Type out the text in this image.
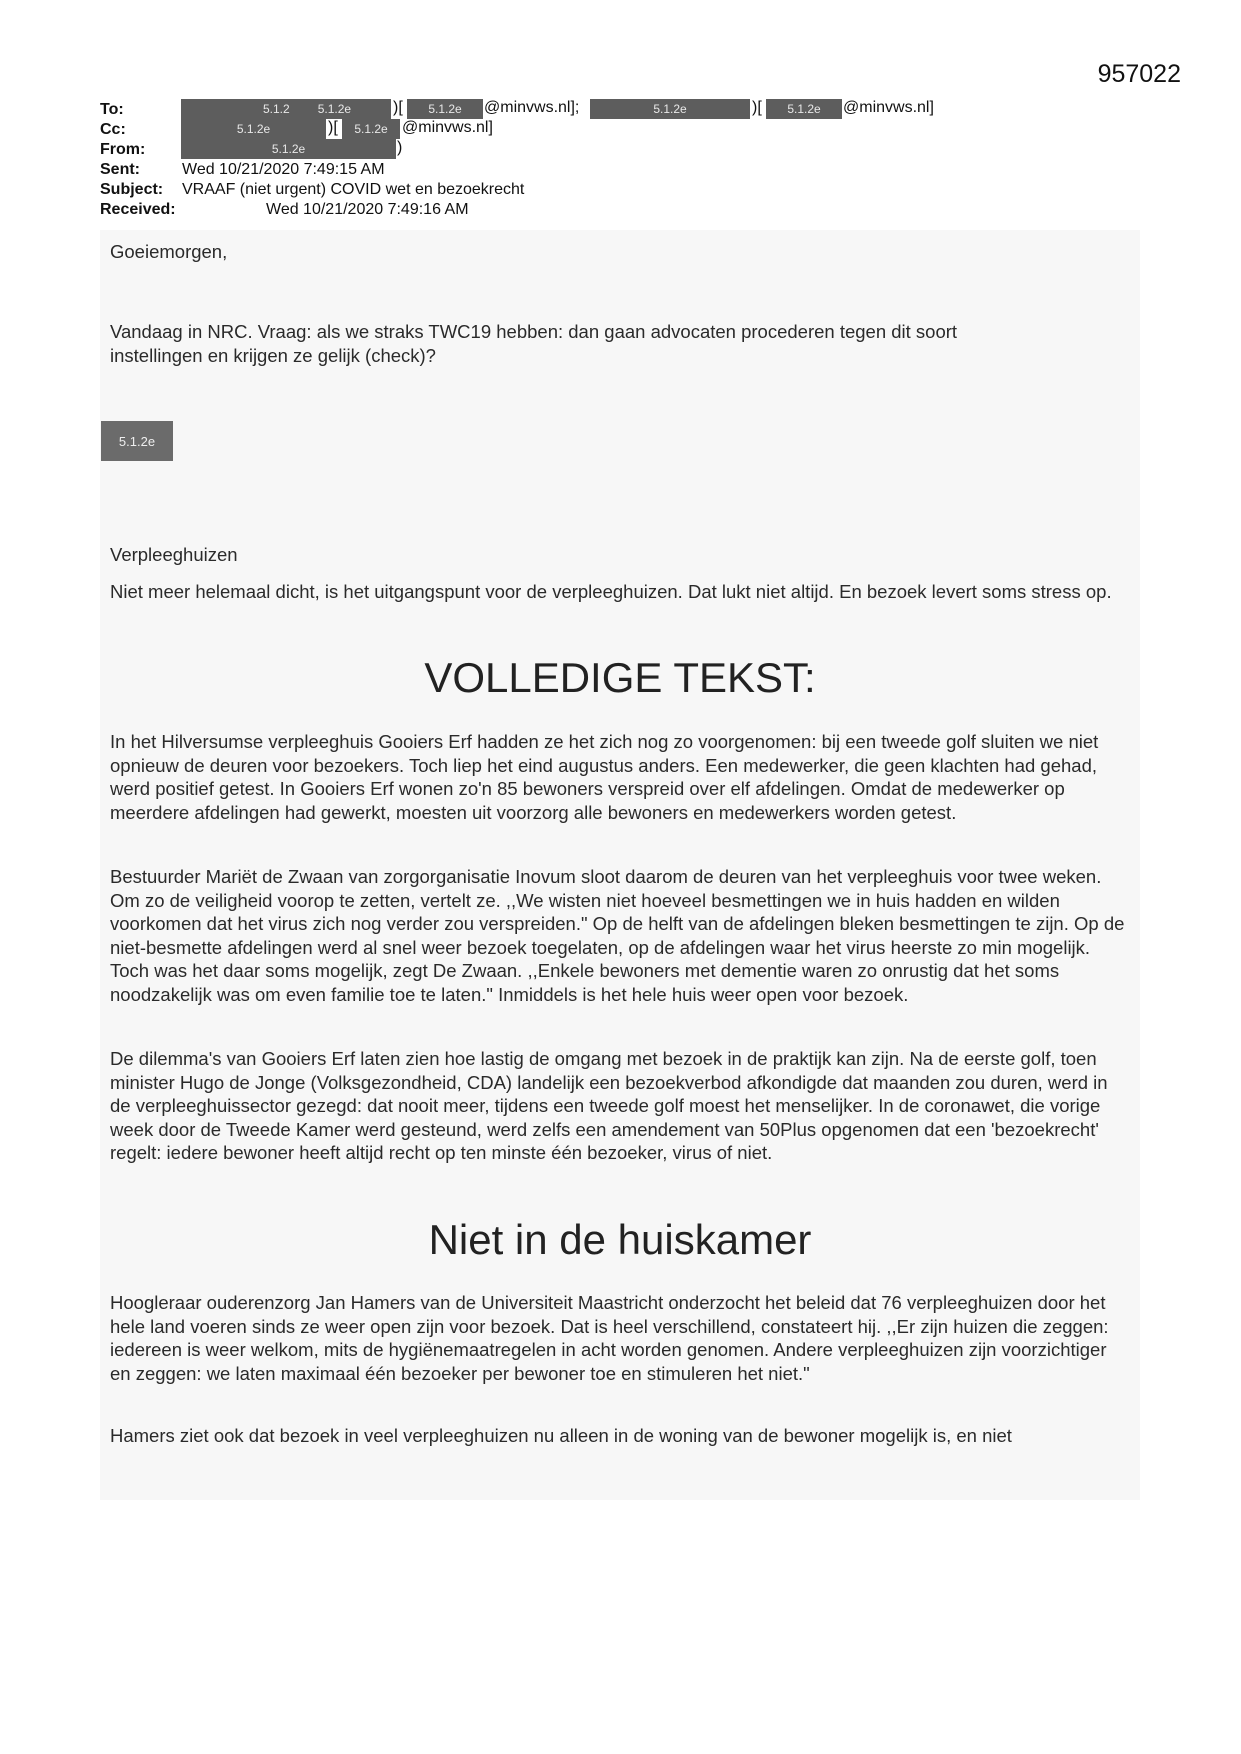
957022
To:	5.1.2 5.1.2e	)[	5.1.2e	@minvws.nl];	5.1.2e	)[	5.1.2e	@minvws.nl]
Cc:	5.1.2e	)[	5.1.2e @minvws.nl]
From:	5.1.2e	)
Sent:	Wed 10/21/2020 7:49:15 AM
Subject: VRAAF (niet urgent) COVID wet en bezoekrecht
Received:	Wed 10/21/2020 7:49:16 AM
Goeiemorgen,
Vandaag in NRC. Vraag: als we straks TWC19 hebben: dan gaan advocaten procederen tegen dit soort
instellingen en krijgen ze gelijk (check)?
5.1.2e
Verpleeghuizen
Niet meer helemaal dicht, is het uitgangspunt voor de verpleeghuizen. Dat lukt niet altijd. En bezoek levert soms stress op.
VOLLEDIGE TEKST:
In het Hilversumse verpleeghuis Gooiers Erf hadden ze het zich nog zo voorgenomen: bij een tweede golf sluiten we niet opnieuw de deuren voor bezoekers. Toch liep het eind augustus anders. Een medewerker, die geen klachten had gehad, werd positief getest. In Gooiers Erf wonen zo'n 85 bewoners verspreid over elf afdelingen. Omdat de medewerker op meerdere afdelingen had gewerkt, moesten uit voorzorg alle bewoners en medewerkers worden getest.
Bestuurder Mariët de Zwaan van zorgorganisatie Inovum sloot daarom de deuren van het verpleeghuis voor twee weken. Om zo de veiligheid voorop te zetten, vertelt ze. ,,We wisten niet hoeveel besmettingen we in huis hadden en wilden voorkomen dat het virus zich nog verder zou verspreiden." Op de helft van de afdelingen bleken besmettingen te zijn. Op de niet-besmette afdelingen werd al snel weer bezoek toegelaten, op de afdelingen waar het virus heerste zo min mogelijk. Toch was het daar soms mogelijk, zegt De Zwaan. ,,Enkele bewoners met dementie waren zo onrustig dat het soms noodzakelijk was om even familie toe te laten." Inmiddels is het hele huis weer open voor bezoek.
De dilemma's van Gooiers Erf laten zien hoe lastig de omgang met bezoek in de praktijk kan zijn. Na de eerste golf, toen minister Hugo de Jonge (Volksgezondheid, CDA) landelijk een bezoekverbod afkondigde dat maanden zou duren, werd in de verpleeghuissector gezegd: dat nooit meer, tijdens een tweede golf moest het menselijker. In de coronawet, die vorige week door de Tweede Kamer werd gesteund, werd zelfs een amendement van 50Plus opgenomen dat een 'bezoekrecht' regelt: iedere bewoner heeft altijd recht op ten minste één bezoeker, virus of niet.
Niet in de huiskamer
Hoogleraar ouderenzorg Jan Hamers van de Universiteit Maastricht onderzocht het beleid dat 76 verpleeghuizen door het hele land voeren sinds ze weer open zijn voor bezoek. Dat is heel verschillend, constateert hij. ,,Er zijn huizen die zeggen: iedereen is weer welkom, mits de hygiënemaatregelen in acht worden genomen. Andere verpleeghuizen zijn voorzichtiger en zeggen: we laten maximaal één bezoeker per bewoner toe en stimuleren het niet."
Hamers ziet ook dat bezoek in veel verpleeghuizen nu alleen in de woning van de bewoner mogelijk is, en niet
